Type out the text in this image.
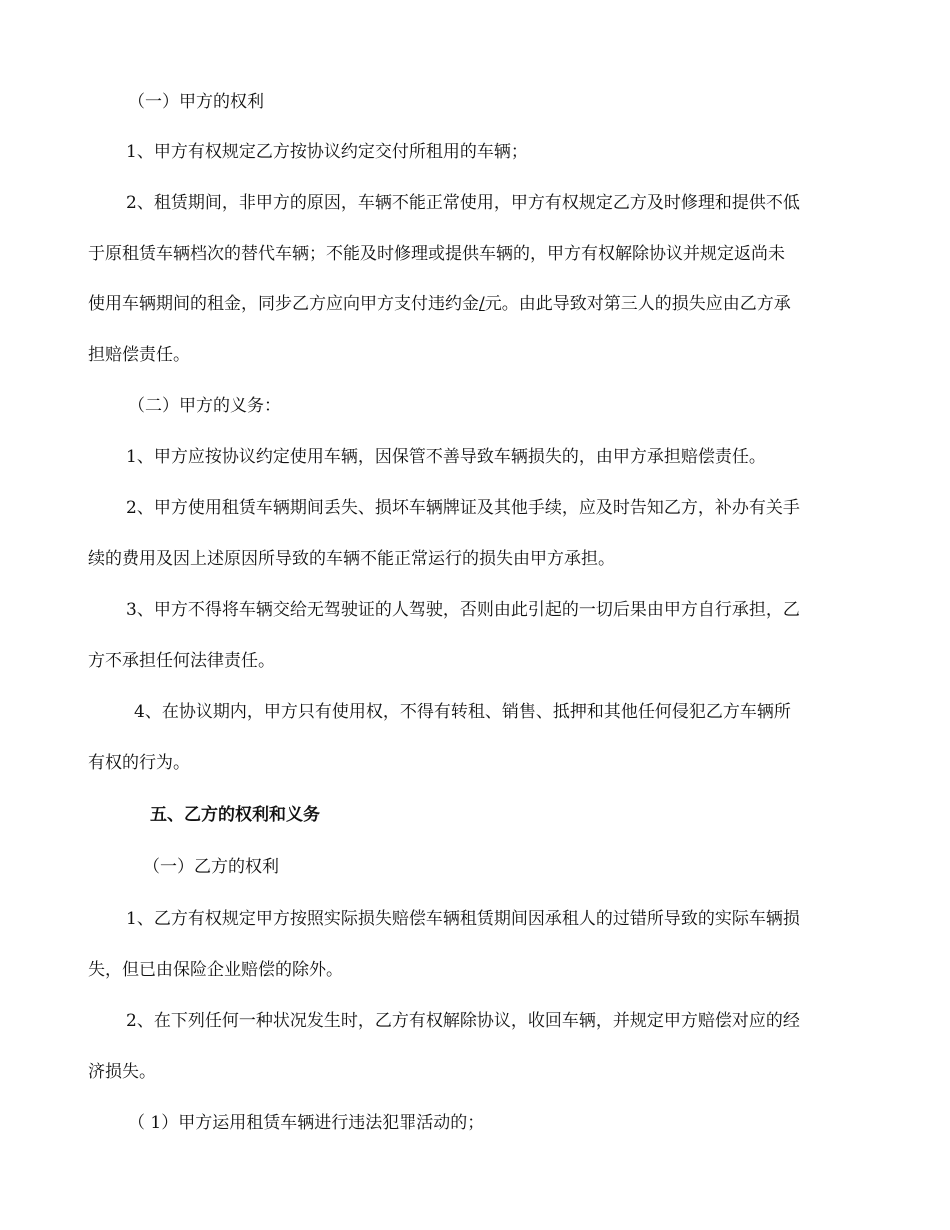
（一）甲方的权利
1、甲方有权规定乙方按协议约定交付所租用的车辆；
2、租赁期间，非甲方的原因，车辆不能正常使用，甲方有权规定乙方及时修理和提供不低
于原租赁车辆档次的替代车辆；不能及时修理或提供车辆的，甲方有权解除协议并规定返尚未
使用车辆期间的租金，同步乙方应向甲方支付违约金/元。由此导致对第三人的损失应由乙方承
担赔偿责任。
（二）甲方的义务：
1、甲方应按协议约定使用车辆，因保管不善导致车辆损失的，由甲方承担赔偿责任。
2、甲方使用租赁车辆期间丢失、损坏车辆牌证及其他手续，应及时告知乙方，补办有关手
续的费用及因上述原因所导致的车辆不能正常运行的损失由甲方承担。
3、甲方不得将车辆交给无驾驶证的人驾驶，否则由此引起的一切后果由甲方自行承担，乙
方不承担任何法律责任。
4、在协议期内，甲方只有使用权，不得有转租、销售、抵押和其他任何侵犯乙方车辆所
有权的行为。
五、乙方的权利和义务
（一）乙方的权利
1、乙方有权规定甲方按照实际损失赔偿车辆租赁期间因承租人的过错所导致的实际车辆损
失，但已由保险企业赔偿的除外。
2、在下列任何一种状况发生时，乙方有权解除协议，收回车辆，并规定甲方赔偿对应的经
济损失。
（ 1）甲方运用租赁车辆进行违法犯罪活动的；
